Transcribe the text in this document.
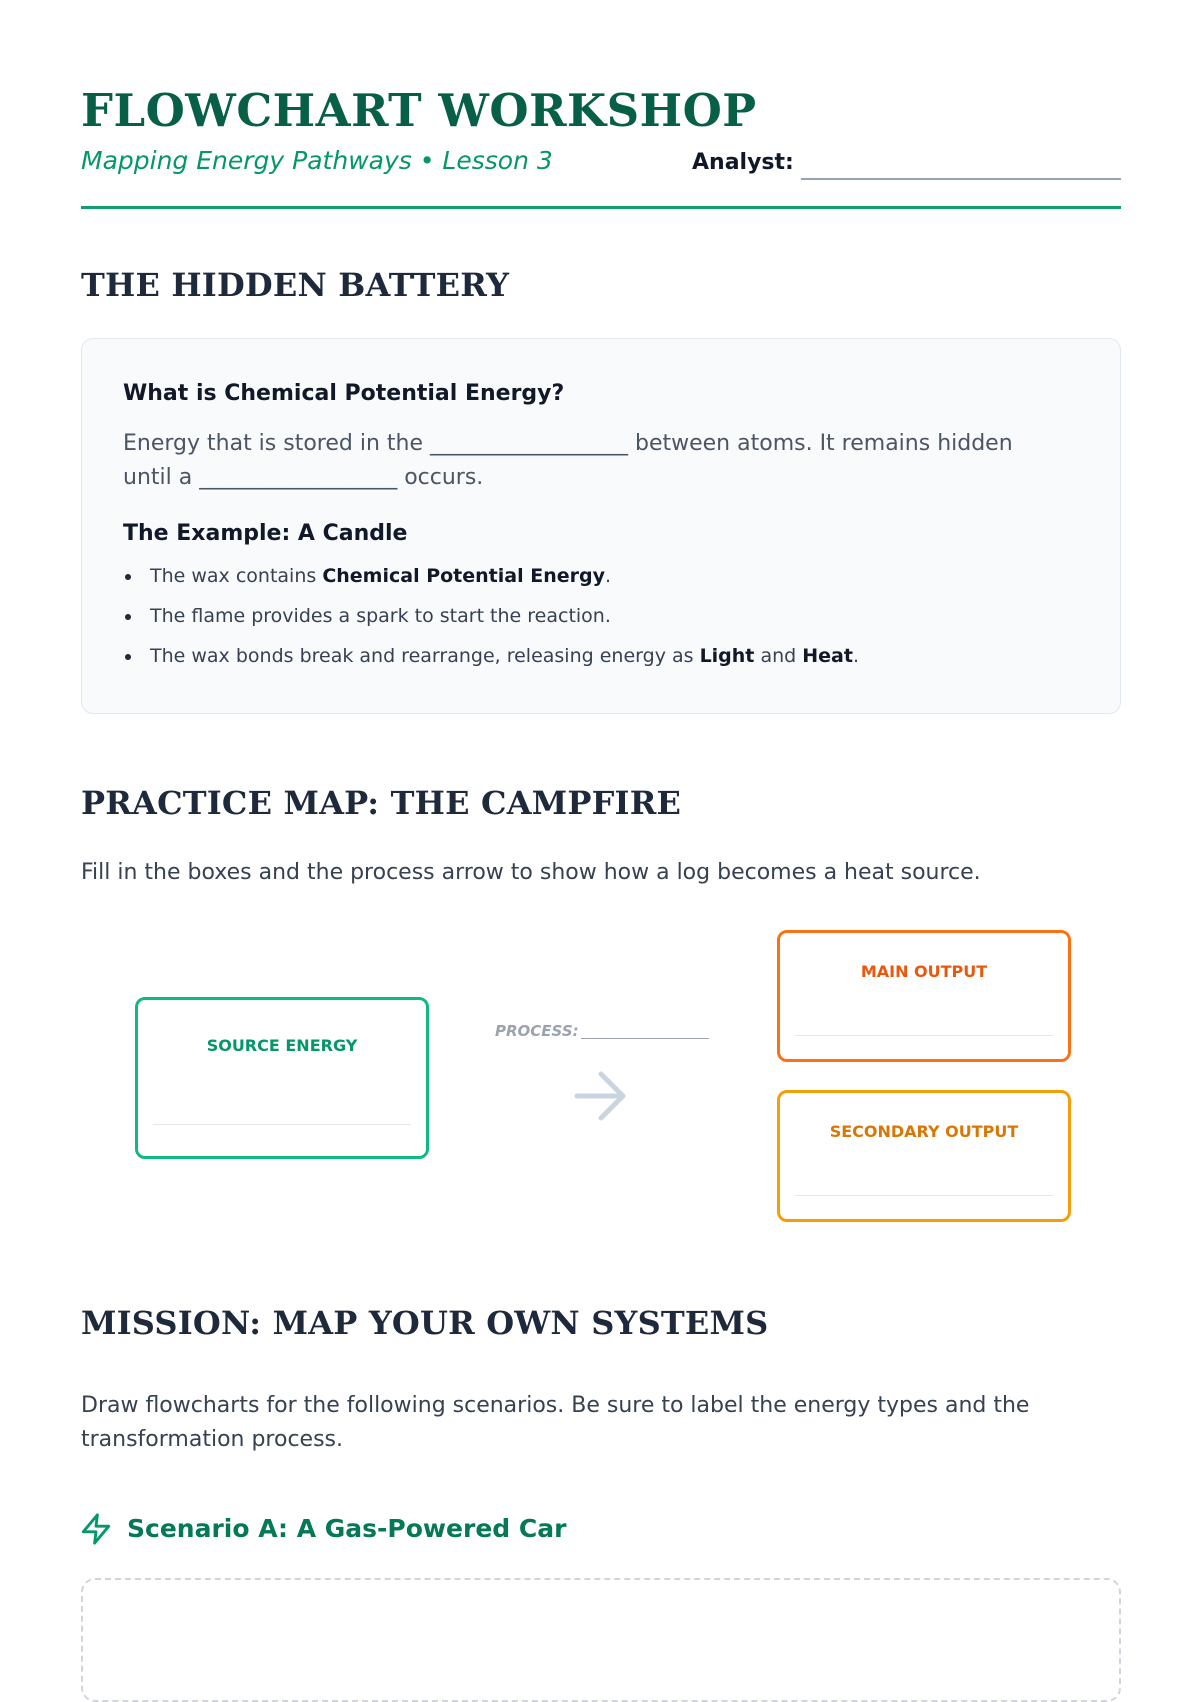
FLOWCHART WORKSHOP
Mapping Energy Pathways • Lesson 3	Analyst:
THE HIDDEN BATTERY
What is Chemical Potential Energy?
Energy that is stored in the __________________ between atoms. It remains hidden until a __________________ occurs.
The Example: A Candle
The wax contains Chemical Potential Energy.
The flame provides a spark to start the reaction.
The wax bonds break and rearrange, releasing energy as Light and Heat.
PRACTICE MAP: THE CAMPFIRE
Fill in the boxes and the process arrow to show how a log becomes a heat source.
SOURCE ENERGY
PROCESS:
MAIN OUTPUT
SECONDARY OUTPUT
MISSION: MAP YOUR OWN SYSTEMS
Draw flowcharts for the following scenarios. Be sure to label the energy types and the transformation process.
Scenario A: A Gas-Powered Car
